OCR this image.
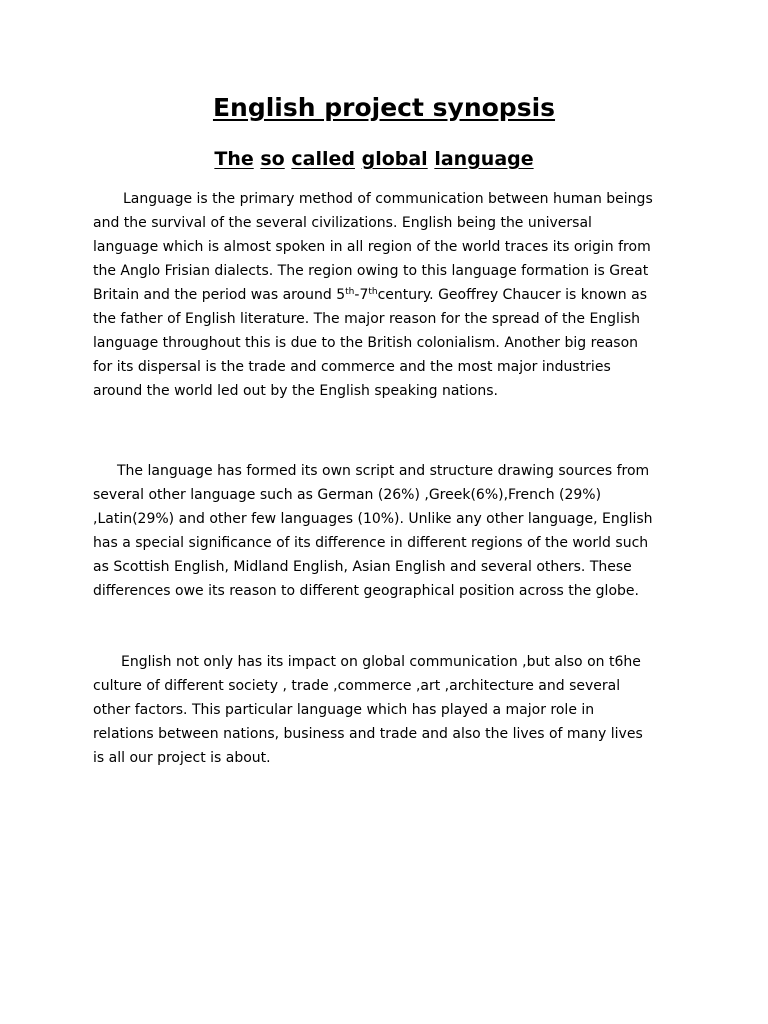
English project synopsis
The so called global language
Language is the primary method of communication between human beings
and the survival of the several civilizations. English being the universal
language which is almost spoken in all region of the world traces its origin from
the Anglo Frisian dialects. The region owing to this language formation is Great
Britain and the period was around 5th-7thcentury. Geoffrey Chaucer is known as
the father of English literature. The major reason for the spread of the English
language throughout this is due to the British colonialism. Another big reason
for its dispersal is the trade and commerce and the most major industries
around the world led out by the English speaking nations.
The language has formed its own script and structure drawing sources from
several other language such as German (26%) ,Greek(6%),French (29%)
,Latin(29%) and other few languages (10%). Unlike any other language, English
has a special significance of its difference in different regions of the world such
as Scottish English, Midland English, Asian English and several others. These
differences owe its reason to different geographical position across the globe.
English not only has its impact on global communication ,but also on t6he
culture of different society , trade ,commerce ,art ,architecture and several
other factors. This particular language which has played a major role in
relations between nations, business and trade and also the lives of many lives
is all our project is about.
